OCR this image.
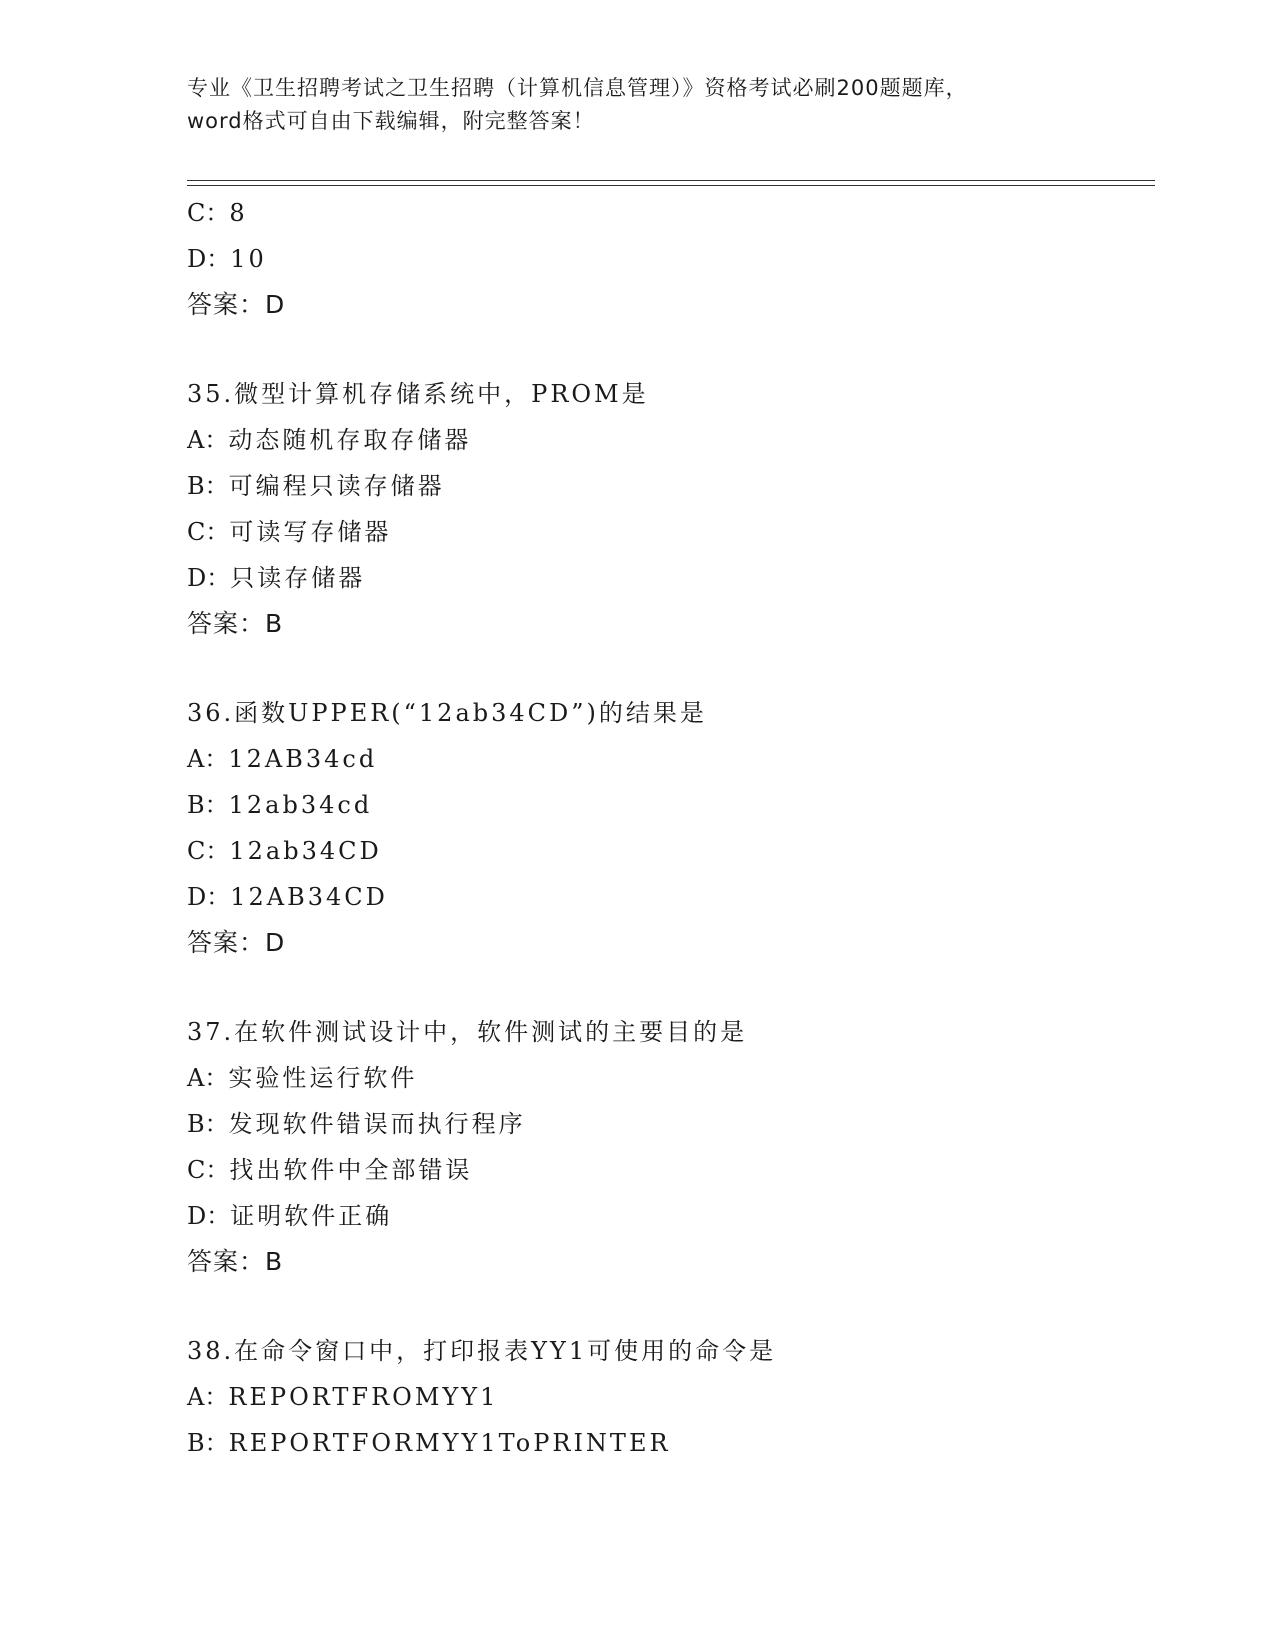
专业《卫生招聘考试之卫生招聘（计算机信息管理）》资格考试必刷200题题库，
word格式可自由下载编辑，附完整答案！
C：8
D：10
答案：D
35.微型计算机存储系统中，PROM是
A：动态随机存取存储器
B：可编程只读存储器
C：可读写存储器
D：只读存储器
答案：B
36.函数UPPER(“12ab34CD”)的结果是
A：12AB34cd
B：12ab34cd
C：12ab34CD
D：12AB34CD
答案：D
37.在软件测试设计中，软件测试的主要目的是
A：实验性运行软件
B：发现软件错误而执行程序
C：找出软件中全部错误
D：证明软件正确
答案：B
38.在命令窗口中，打印报表YY1可使用的命令是
A：REPORTFROMYY1
B：REPORTFORMYY1ToPRINTER
